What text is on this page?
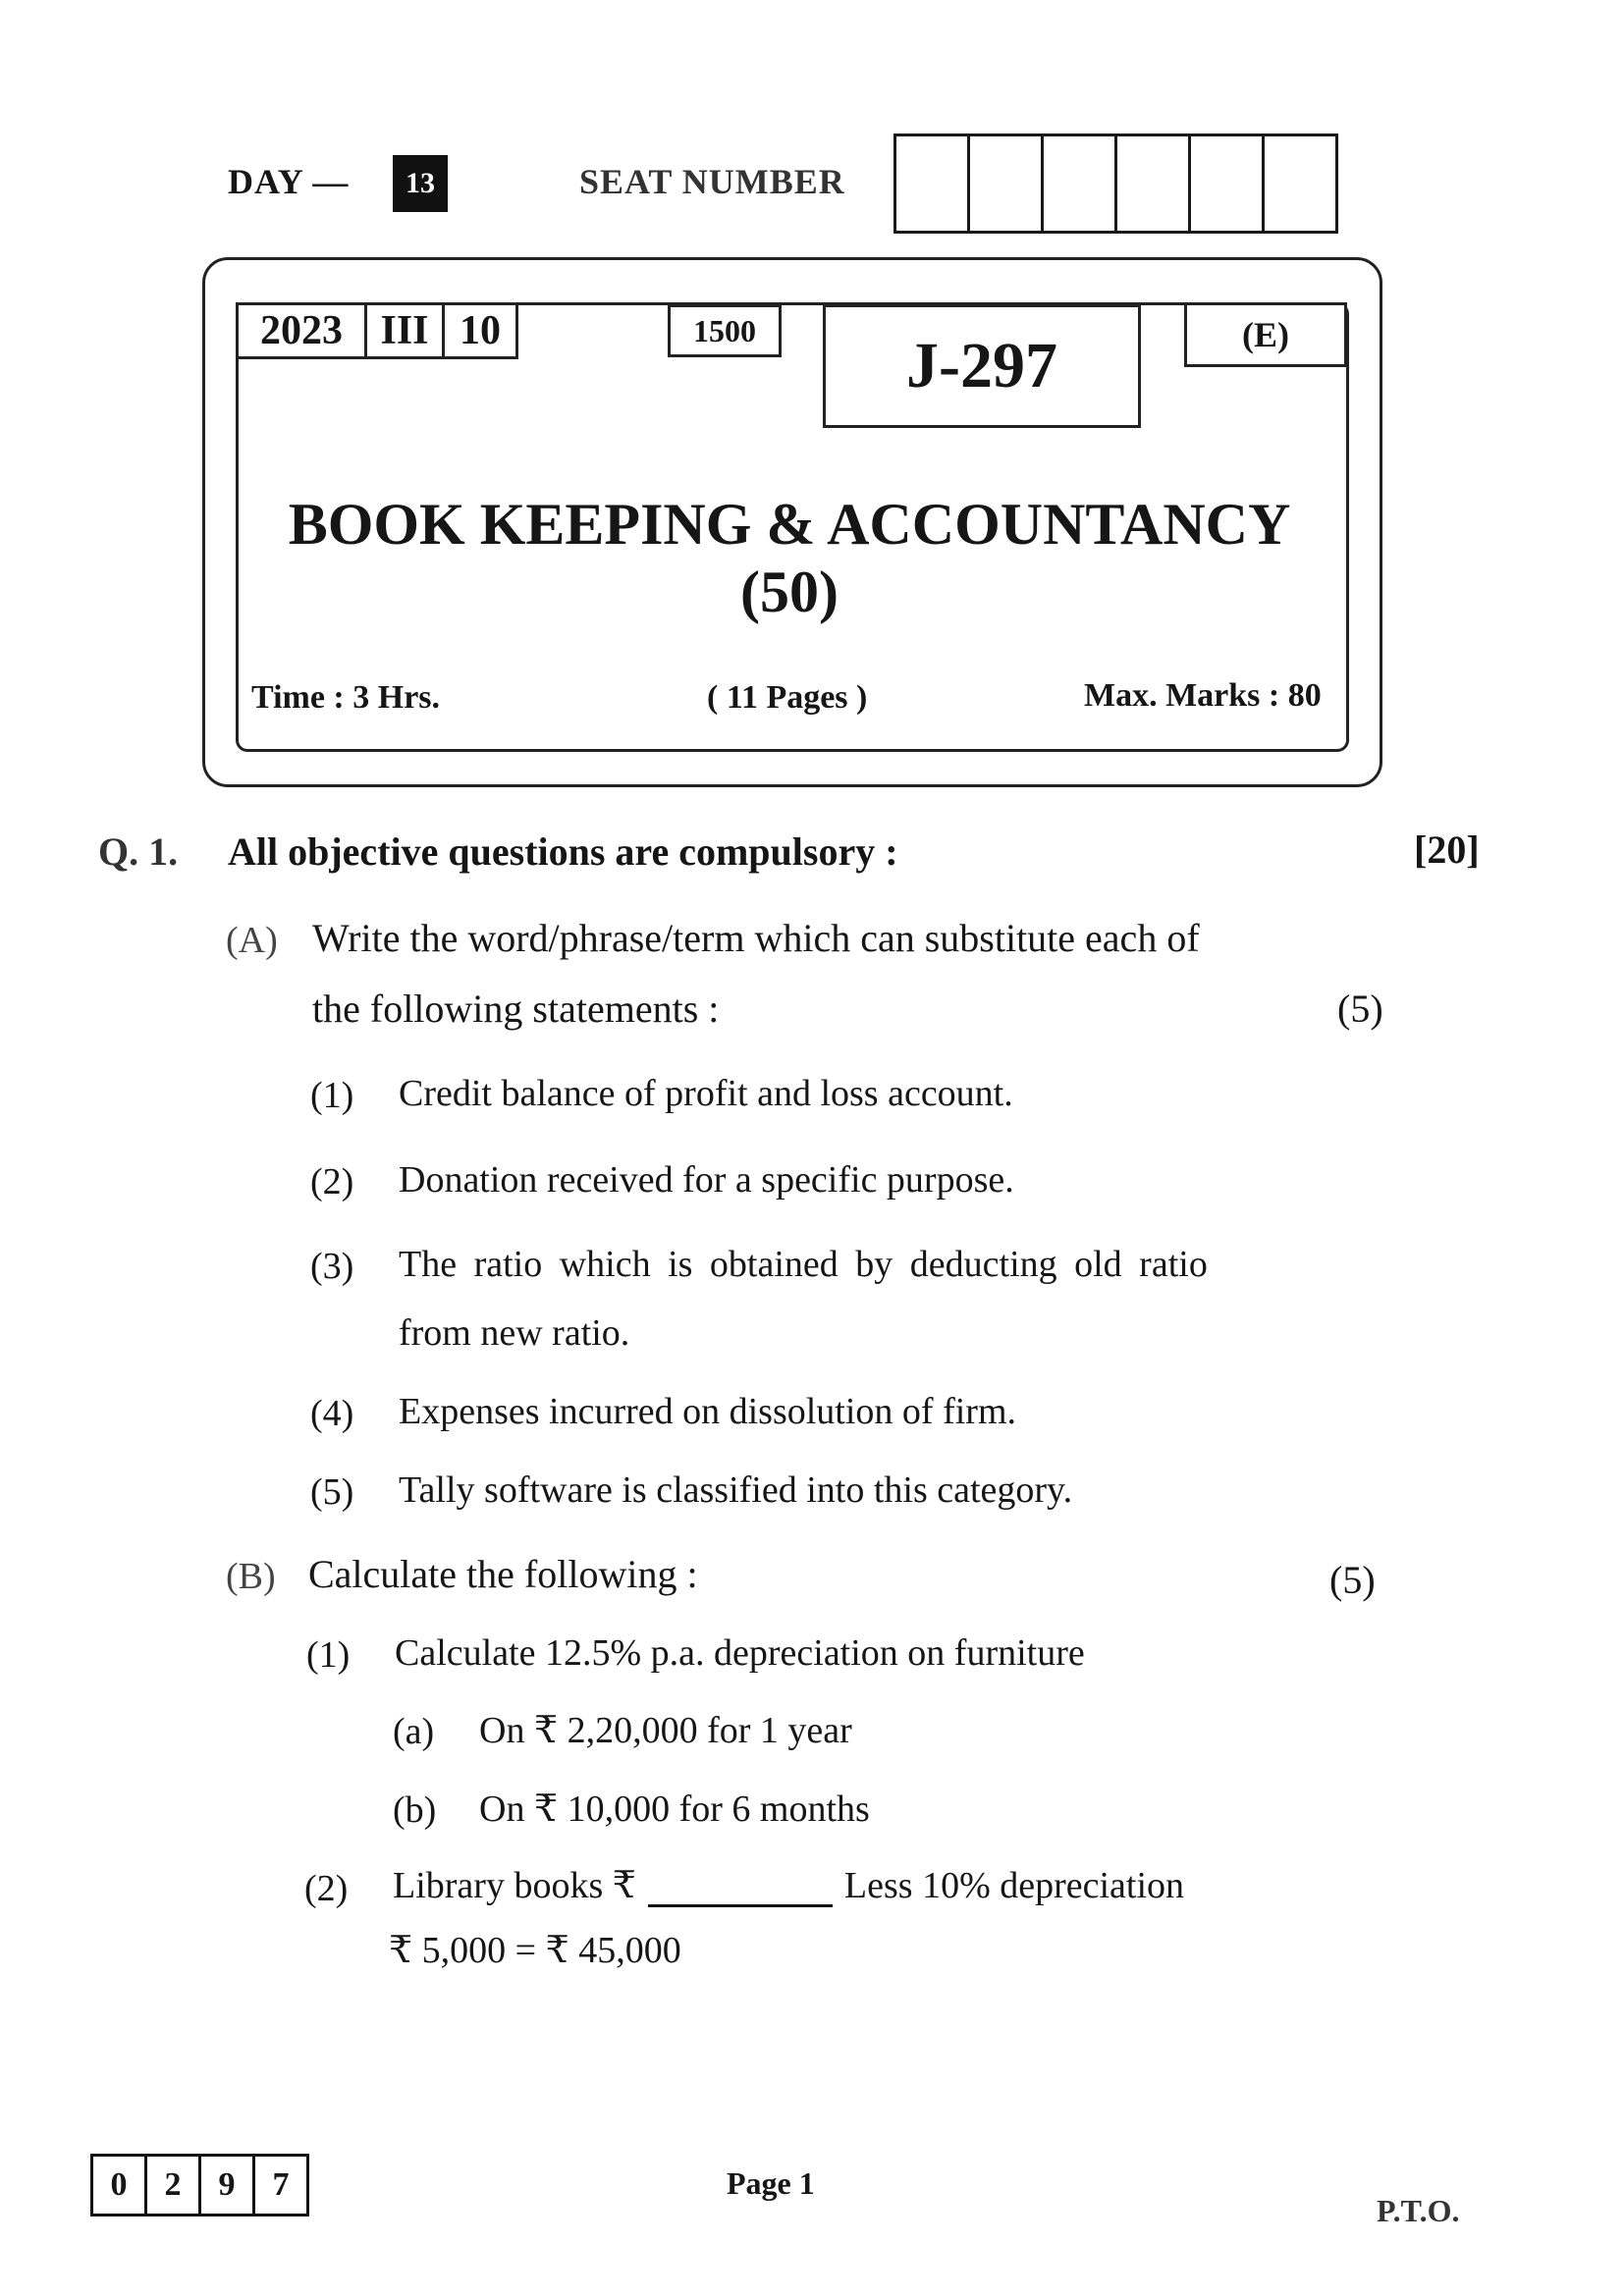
DAY —	13	SEAT NUMBER
2023 III 10	1500	J-297	(E)
BOOK KEEPING & ACCOUNTANCY (50)
Time : 3 Hrs.	( 11 Pages )	Max. Marks : 80
Q. 1. All objective questions are compulsory :	[20]
(A) Write the word/phrase/term which can substitute each of
the following statements :	(5)
(1) Credit balance of profit and loss account.
(2) Donation received for a specific purpose.
(3) The ratio which is obtained by deducting old ratio
from new ratio.
(4) Expenses incurred on dissolution of firm.
(5) Tally software is classified into this category.
(B) Calculate the following :	(5)
(1) Calculate 12.5% p.a. depreciation on furniture
(a) On ₹ 2,20,000 for 1 year
(b) On ₹ 10,000 for 6 months
(2) Library books ₹	Less 10% depreciation
₹ 5,000 = ₹ 45,000
0	2	9	7	Page 1
P.T.O.
